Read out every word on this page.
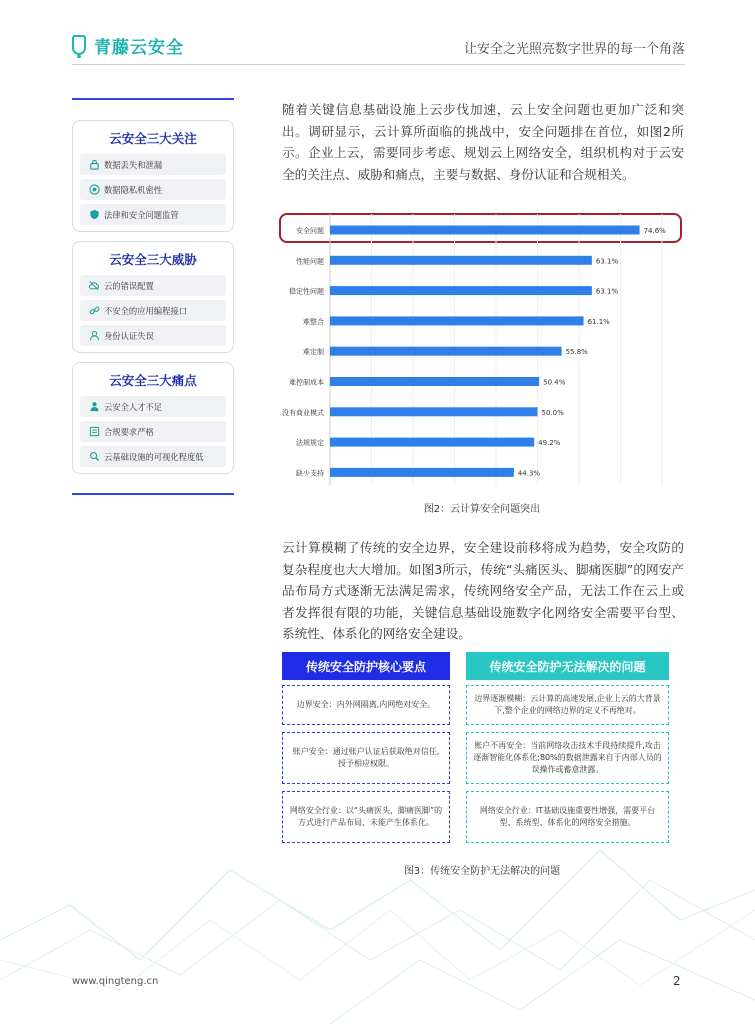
青藤云安全	让安全之光照亮数字世界的每一个角落
云安全三大关注
数据丢失和泄漏
数据隐私机密性
法律和安全问题监管
云安全三大威胁
云的错误配置
不安全的应用编程接口
身份认证失误
云安全三大痛点
云安全人才不足
合规要求严格
云基础设施的可视化程度低
随着关键信息基础设施上云步伐加速，云上安全问题也更加广泛和突出。调研显示，云计算所面临的挑战中，安全问题排在首位，如图2所示。企业上云，需要同步考虑、规划云上网络安全，组织机构对于云安全的关注点、威胁和痛点，主要与数据、身份认证和合规相关。
安全问题	74.6%
性能问题	63.1%
稳定性问题	63.1%
难整合	61.1%
难定制	55.8%
难控制成本	50.4%
没有商业模式	50.0%
法规规定	49.2%
缺少支持	44.3%
图2：云计算安全问题突出
云计算模糊了传统的安全边界，安全建设前移将成为趋势，安全攻防的复杂程度也大大增加。如图3所示，传统“头痛医头、脚痛医脚”的网安产品布局方式逐渐无法满足需求，传统网络安全产品，无法工作在云上或者发挥很有限的功能，关键信息基础设施数字化网络安全需要平台型、系统性、体系化的网络安全建设。
传统安全防护核心要点	传统安全防护无法解决的问题
边界安全：内外网隔离,内网绝对安全。
边界逐渐模糊：云计算的高速发展,企业上云的大背景下,整个企业的网络边界的定义不再绝对。
账户安全：通过账户认证后获取绝对信任,授予相应权限。
账户不再安全：当前网络攻击技术手段持续提升,攻击逐渐智能化体系化;80%的数据泄露来自于内部人员的误操作或蓄意泄露。
网络安全行业：以“头痛医头，脚痛医脚”的方式进行产品布局，未能产生体系化。
网络安全行业：IT基础设施重要性增强，需要平台型、系统型、体系化的网络安全措施。
图3：传统安全防护无法解决的问题
www.qingteng.cn	2
